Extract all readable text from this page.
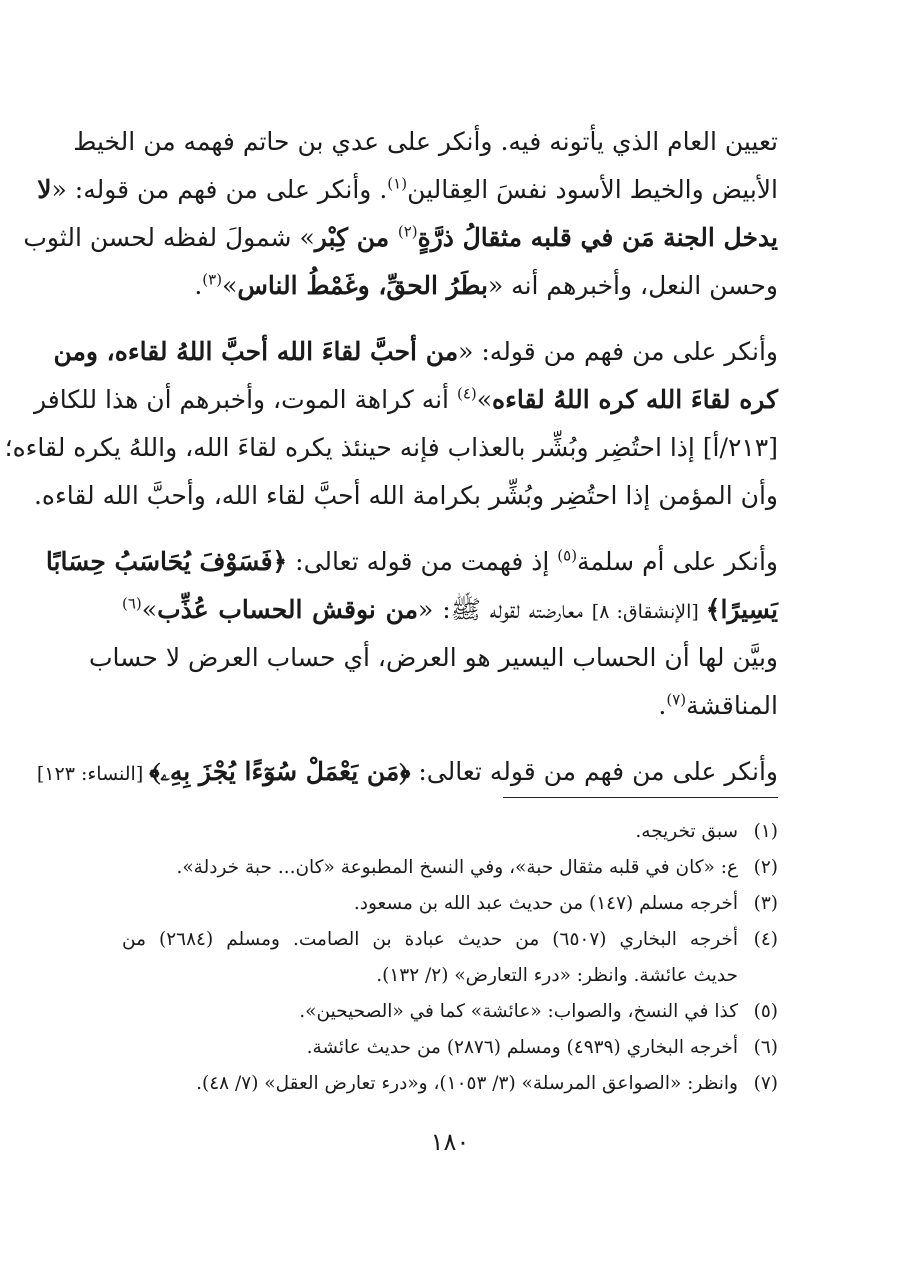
تعيين العام الذي يأتونه فيه. وأنكر على عدي بن حاتم فهمه من الخيط
الأبيض والخيط الأسود نفسَ العِقالين$^{(١)}$. وأنكر على من فهم من قوله: «لا
يدخل الجنة مَن في قلبه مثقالُ ذرَّةٍ$^{(٢)}$ من كِبْر» شمولَ لفظه لحسن الثوب
وحسن النعل، وأخبرهم أنه «بطَرُ الحقِّ، وغَمْطُ الناس»$^{(٣)}$.
وأنكر على من فهم من قوله: «من أحبَّ لقاءَ الله أحبَّ اللهُ لقاءه، ومن
كره لقاءَ الله كره اللهُ لقاءه»$^{(٤)}$ أنه كراهة الموت، وأخبرهم أن هذا للكافر
[٢١٣/أ] إذا احتُضِر وبُشِّر بالعذاب فإنه حينئذ يكره لقاءَ الله، واللهُ يكره لقاءه؛
وأن المؤمن إذا احتُضِر وبُشِّر بكرامة الله أحبَّ لقاء الله، وأحبَّ الله لقاءه.
وأنكر على أم سلمة$^{(٥)}$ إذ فهمت من قوله تعالى: ﴿فَسَوْفَ يُحَاسَبُ حِسَابًا
يَسِيرًا﴾ [الإنشقاق: ٨] معارضته لقوله ﷺ: «من نوقش الحساب عُذِّب»$^{(٦)}$
وبيَّن لها أن الحساب اليسير هو العرض، أي حساب العرض لا حساب
المناقشة$^{(٧)}$.
وأنكر على من فهم من قوله تعالى: ﴿مَن يَعْمَلْ سُوٓءًا يُجْزَ بِهِۦ﴾ [النساء: ١٢٣]
(١)
سبق تخريجه.
(٢)
ع: «كان في قلبه مثقال حبة»، وفي النسخ المطبوعة «كان... حبة خردلة».
(٣)
أخرجه مسلم (١٤٧) من حديث عبد الله بن مسعود.
(٤)
أخرجه البخاري (٦٥٠٧) من حديث عبادة بن الصامت. ومسلم (٢٦٨٤) من
حديث عائشة. وانظر: «درء التعارض» (٢/ ١٣٢).
(٥)
كذا في النسخ، والصواب: «عائشة» كما في «الصحيحين».
(٦)
أخرجه البخاري (٤٩٣٩) ومسلم (٢٨٧٦) من حديث عائشة.
(٧)
وانظر: «الصواعق المرسلة» (٣/ ١٠٥٣)، و«درء تعارض العقل» (٧/ ٤٨).
١٨٠
